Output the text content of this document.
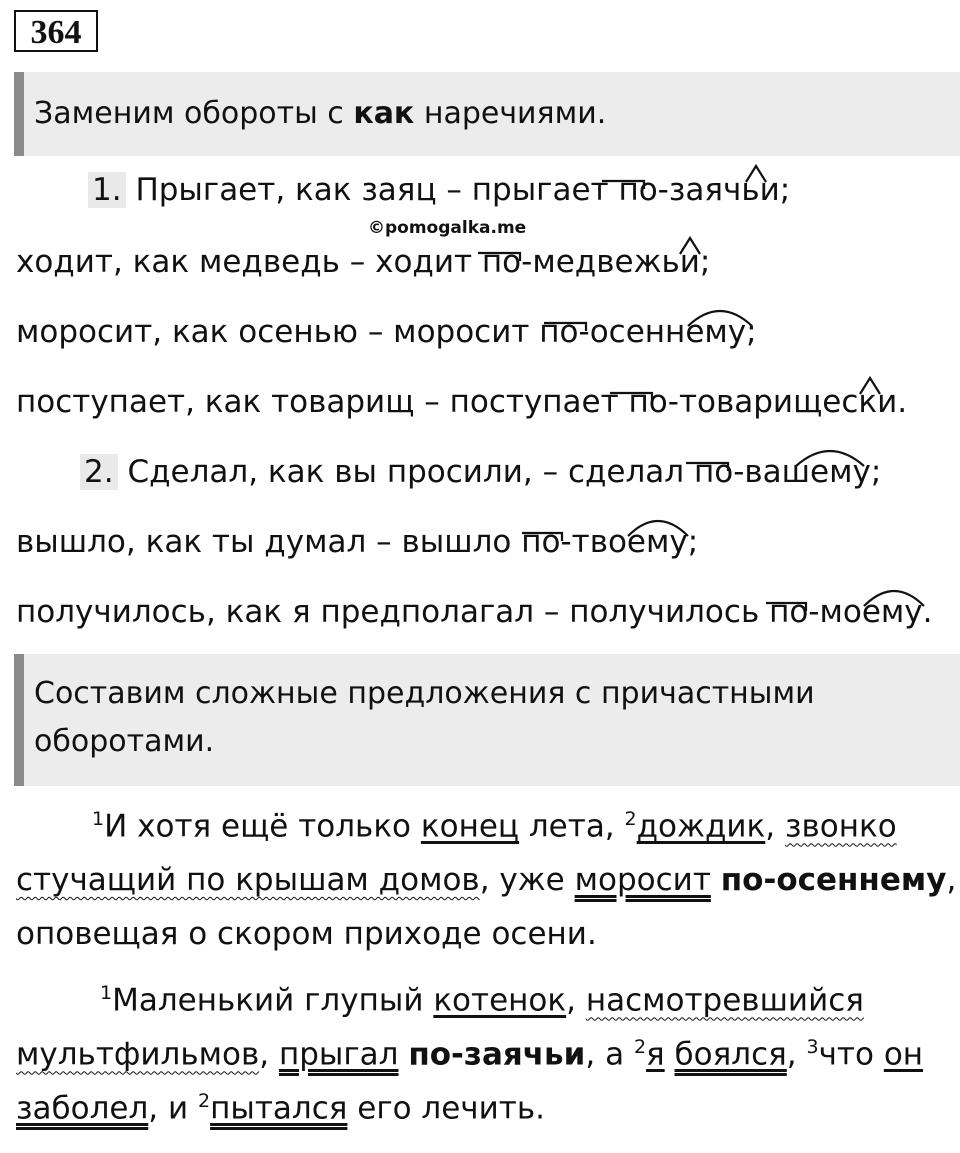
364
Заменим обороты с как наречиями.
1. Прыгает, как заяц – прыгает по-заячьи;
©pomogalka.me
ходит, как медведь – ходит по-медвежьи;
моросит, как осенью – моросит по-осеннему;
поступает, как товарищ – поступает по-товарищески.
2. Сделал, как вы просили, – сделал по-вашему;
вышло, как ты думал – вышло по-твоему;
получилось, как я предполагал – получилось по-моему.
Составим сложные предложения с причастными
оборотами.
$^1$И хотя ещё только конец лета, $^2$дождик, звонко
стучащий по крышам домов, уже моросит по-осеннему,
оповещая о скором приходе осени.
$^1$Маленький глупый котенок, насмотревшийся
мультфильмов, прыгал по-заячьи, а $^2$я боялся, $^3$что он
заболел, и $^2$пытался его лечить.
